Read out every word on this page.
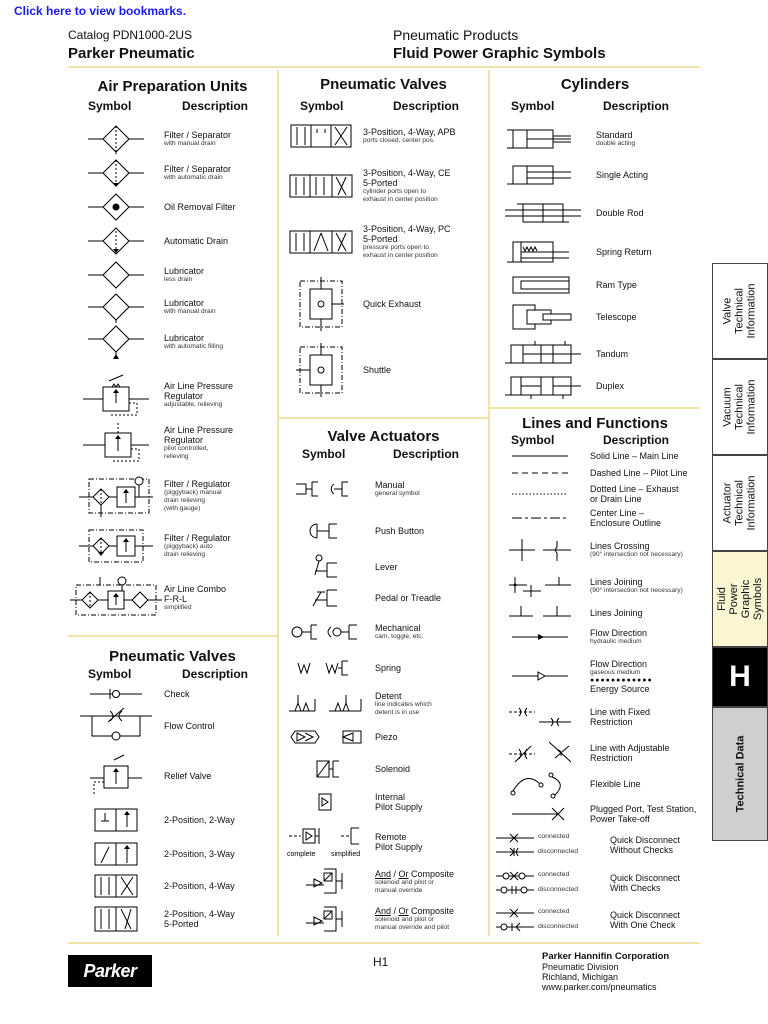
Click here to view bookmarks.
Catalog PDN1000-2US
Parker Pneumatic
Pneumatic Products
Fluid Power Graphic Symbols
Air Preparation Units
Symbol	Description
Filter / Separator
with manual drain
Filter / Separator
with automatic drain
Oil Removal Filter
Automatic Drain
Lubricator
less drain
Lubricator
with manual drain
Lubricator
with automatic filling
Air Line Pressure
Regulator
adjustable, relieving
Air Line Pressure
Regulator
pilot controlled,
relieving
Filter / Regulator
(piggyback) manual
drain relieving
(with gauge)
Filter / Regulator
(piggyback) auto
drain relieving
Air Line Combo
F-R-L
simplified
Pneumatic Valves
Symbol	Description
Check
Flow Control
Relief Valve
2-Position, 2-Way
2-Position, 3-Way
2-Position, 4-Way
2-Position, 4-Way
5-Ported
Pneumatic Valves
Symbol	Description
3-Position, 4-Way, APB
ports closed, center pos.
3-Position, 4-Way, CE
5-Ported
cylinder ports open to
exhaust in center position
3-Position, 4-Way, PC
5-Ported
pressure ports open to
exhaust in center position
Quick Exhaust
Shuttle
Valve Actuators
Symbol	Description
Manual
general symbol
Push Button
Lever
Pedal or Treadle
Mechanical
cam, toggle, etc.
Spring
Detent
line indicates which
detent is in use
Piezo
Solenoid
Internal
Pilot Supply
complete simplified
Remote
Pilot Supply
And / Or Composite
solenoid and pilot or
manual override
And / Or Composite
solenoid and pilot or
manual override and pilot
Cylinders
Symbol	Description
Standard
double acting
Single Acting
Double Rod
Spring Return
Ram Type
Telescope
Tandum
Duplex
Lines and Functions
Symbol	Description
Solid Line – Main Line
Dashed Line – Pilot Line
Dotted Line – Exhaust
or Drain Line
Center Line –
Enclosure Outline
Lines Crossing
(90° intersection not necessary)
Lines Joining
(90° intersection not necessary)
Lines Joining
Flow Direction
hydraulic medium
Flow Direction
gaseous medium
●●●●●●●●●●●●
Energy Source
Line with Fixed
Restriction
Line with Adjustable
Restriction
Flexible Line
Plugged Port, Test Station,
Power Take-off
connected
disconnected
Quick Disconnect
Without Checks
connected
disconnected
Quick Disconnect
With Checks
connected
disconnected
Quick Disconnect
With One Check
Valve Technical
Information
Vacuum Technical
Information
Actuator Technical
Information
Fluid Power
Graphic Symbols
H
Technical Data
Parker	H1	Parker Hannifin Corporation
Pneumatic Division
Richland, Michigan
www.parker.com/pneumatics
